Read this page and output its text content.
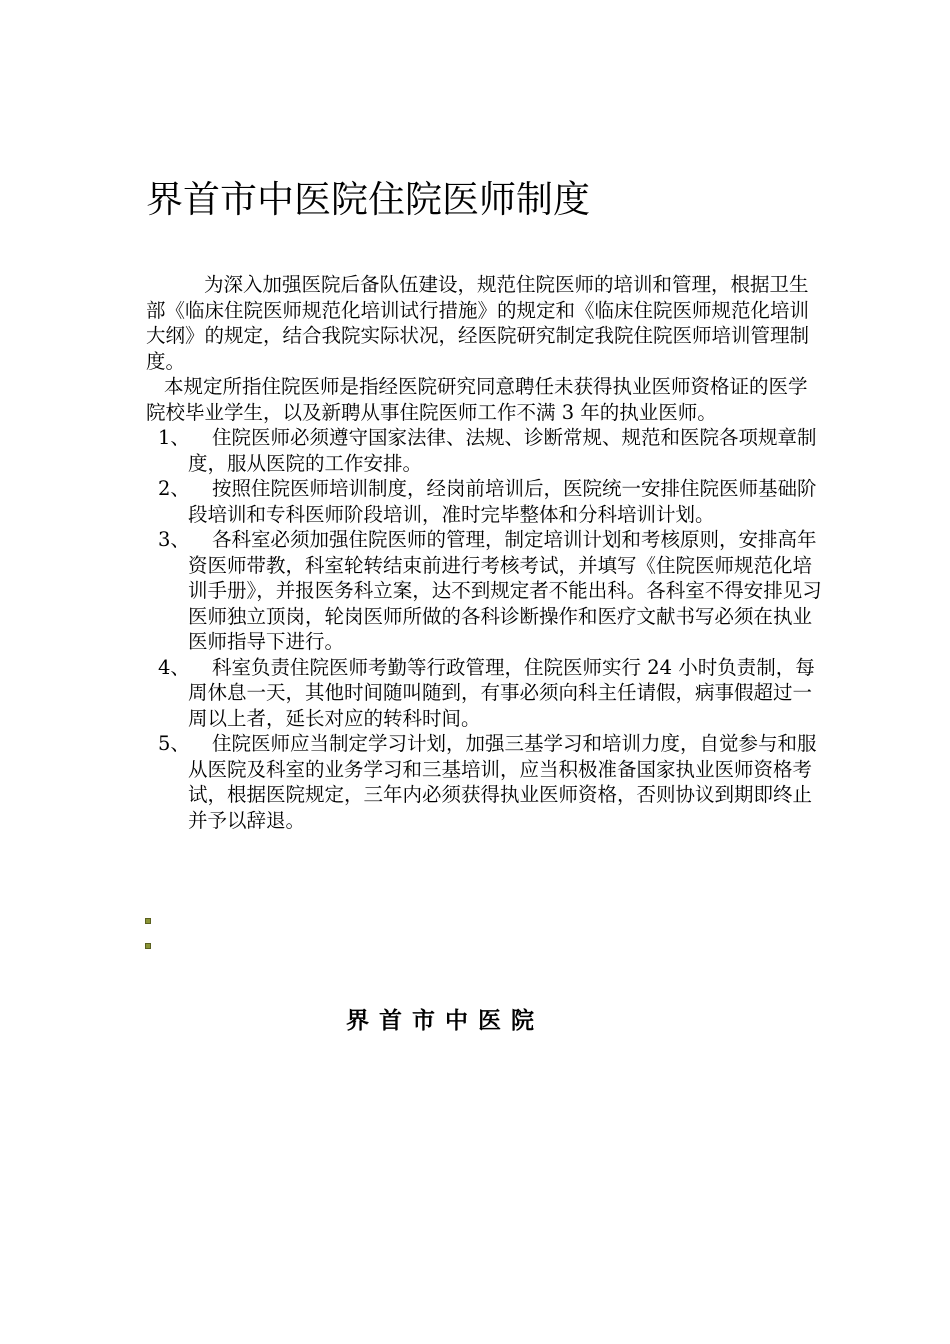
界首市中医院住院医师制度

为深入加强医院后备队伍建设，规范住院医师的培训和管理，根据卫生部《临床住院医师规范化培训试行措施》的规定和《临床住院医师规范化培训大纲》的规定，结合我院实际状况，经医院研究制定我院住院医师培训管理制度。

本规定所指住院医师是指经医院研究同意聘任未获得执业医师资格证的医学院校毕业学生，以及新聘从事住院医师工作不满 3 年的执业医师。

1、	住院医师必须遵守国家法律、法规、诊断常规、规范和医院各项规章制度，服从医院的工作安排。
2、	按照住院医师培训制度，经岗前培训后，医院统一安排住院医师基础阶段培训和专科医师阶段培训，准时完毕整体和分科培训计划。
3、	各科室必须加强住院医师的管理，制定培训计划和考核原则，安排高年资医师带教，科室轮转结束前进行考核考试，并填写《住院医师规范化培训手册》，并报医务科立案，达不到规定者不能出科。各科室不得安排见习医师独立顶岗，轮岗医师所做的各科诊断操作和医疗文献书写必须在执业医师指导下进行。
4、	科室负责住院医师考勤等行政管理，住院医师实行 24 小时负责制，每周休息一天，其他时间随叫随到，有事必须向科主任请假，病事假超过一周以上者，延长对应的转科时间。
5、	住院医师应当制定学习计划，加强三基学习和培训力度，自觉参与和服从医院及科室的业务学习和三基培训，应当积极准备国家执业医师资格考试，根据医院规定，三年内必须获得执业医师资格，否则协议到期即终止并予以辞退。
界首市中医院
